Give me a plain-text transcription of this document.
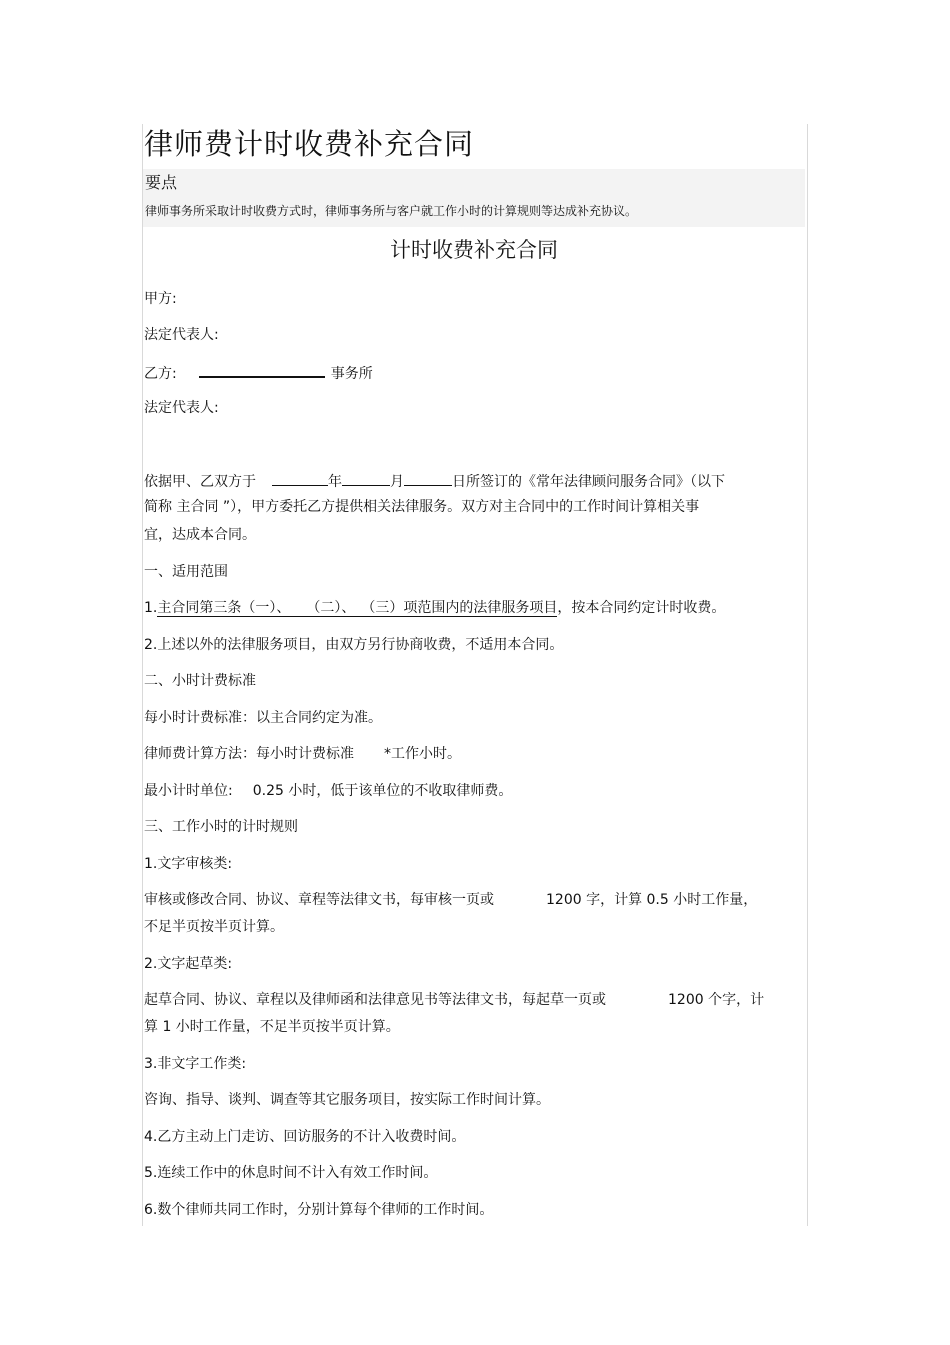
律师费计时收费补充合同
要点
律师事务所采取计时收费方式时，律师事务所与客户就工作小时的计算规则等达成补充协议。
计时收费补充合同
甲方:
法定代表人:
乙方:	事务所
法定代表人:
依据甲、乙双方于	年	月	日所签订的《常年法律顾问服务合同》（以下
简称 主合同 ”），甲方委托乙方提供相关法律服务。双方对主合同中的工作时间计算相关事
宜，达成本合同。
一、适用范围
1.主合同第三条（一）、 （二）、 （三）项范围内的法律服务项目，按本合同约定计时收费。
2.上述以外的法律服务项目，由双方另行协商收费，不适用本合同。
二、小时计费标准
每小时计费标准：以主合同约定为准。
律师费计算方法：每小时计费标准 *工作小时。
最小计时单位: 0.25 小时，低于该单位的不收取律师费。
三、工作小时的计时规则
1.文字审核类:
审核或修改合同、协议、章程等法律文书，每审核一页或	1200 字，计算 0.5 小时工作量，
不足半页按半页计算。
2.文字起草类:
起草合同、协议、章程以及律师函和法律意见书等法律文书，每起草一页或	1200 个字，计
算 1 小时工作量，不足半页按半页计算。
3.非文字工作类:
咨询、指导、谈判、调查等其它服务项目，按实际工作时间计算。
4.乙方主动上门走访、回访服务的不计入收费时间。
5.连续工作中的休息时间不计入有效工作时间。
6.数个律师共同工作时，分别计算每个律师的工作时间。
